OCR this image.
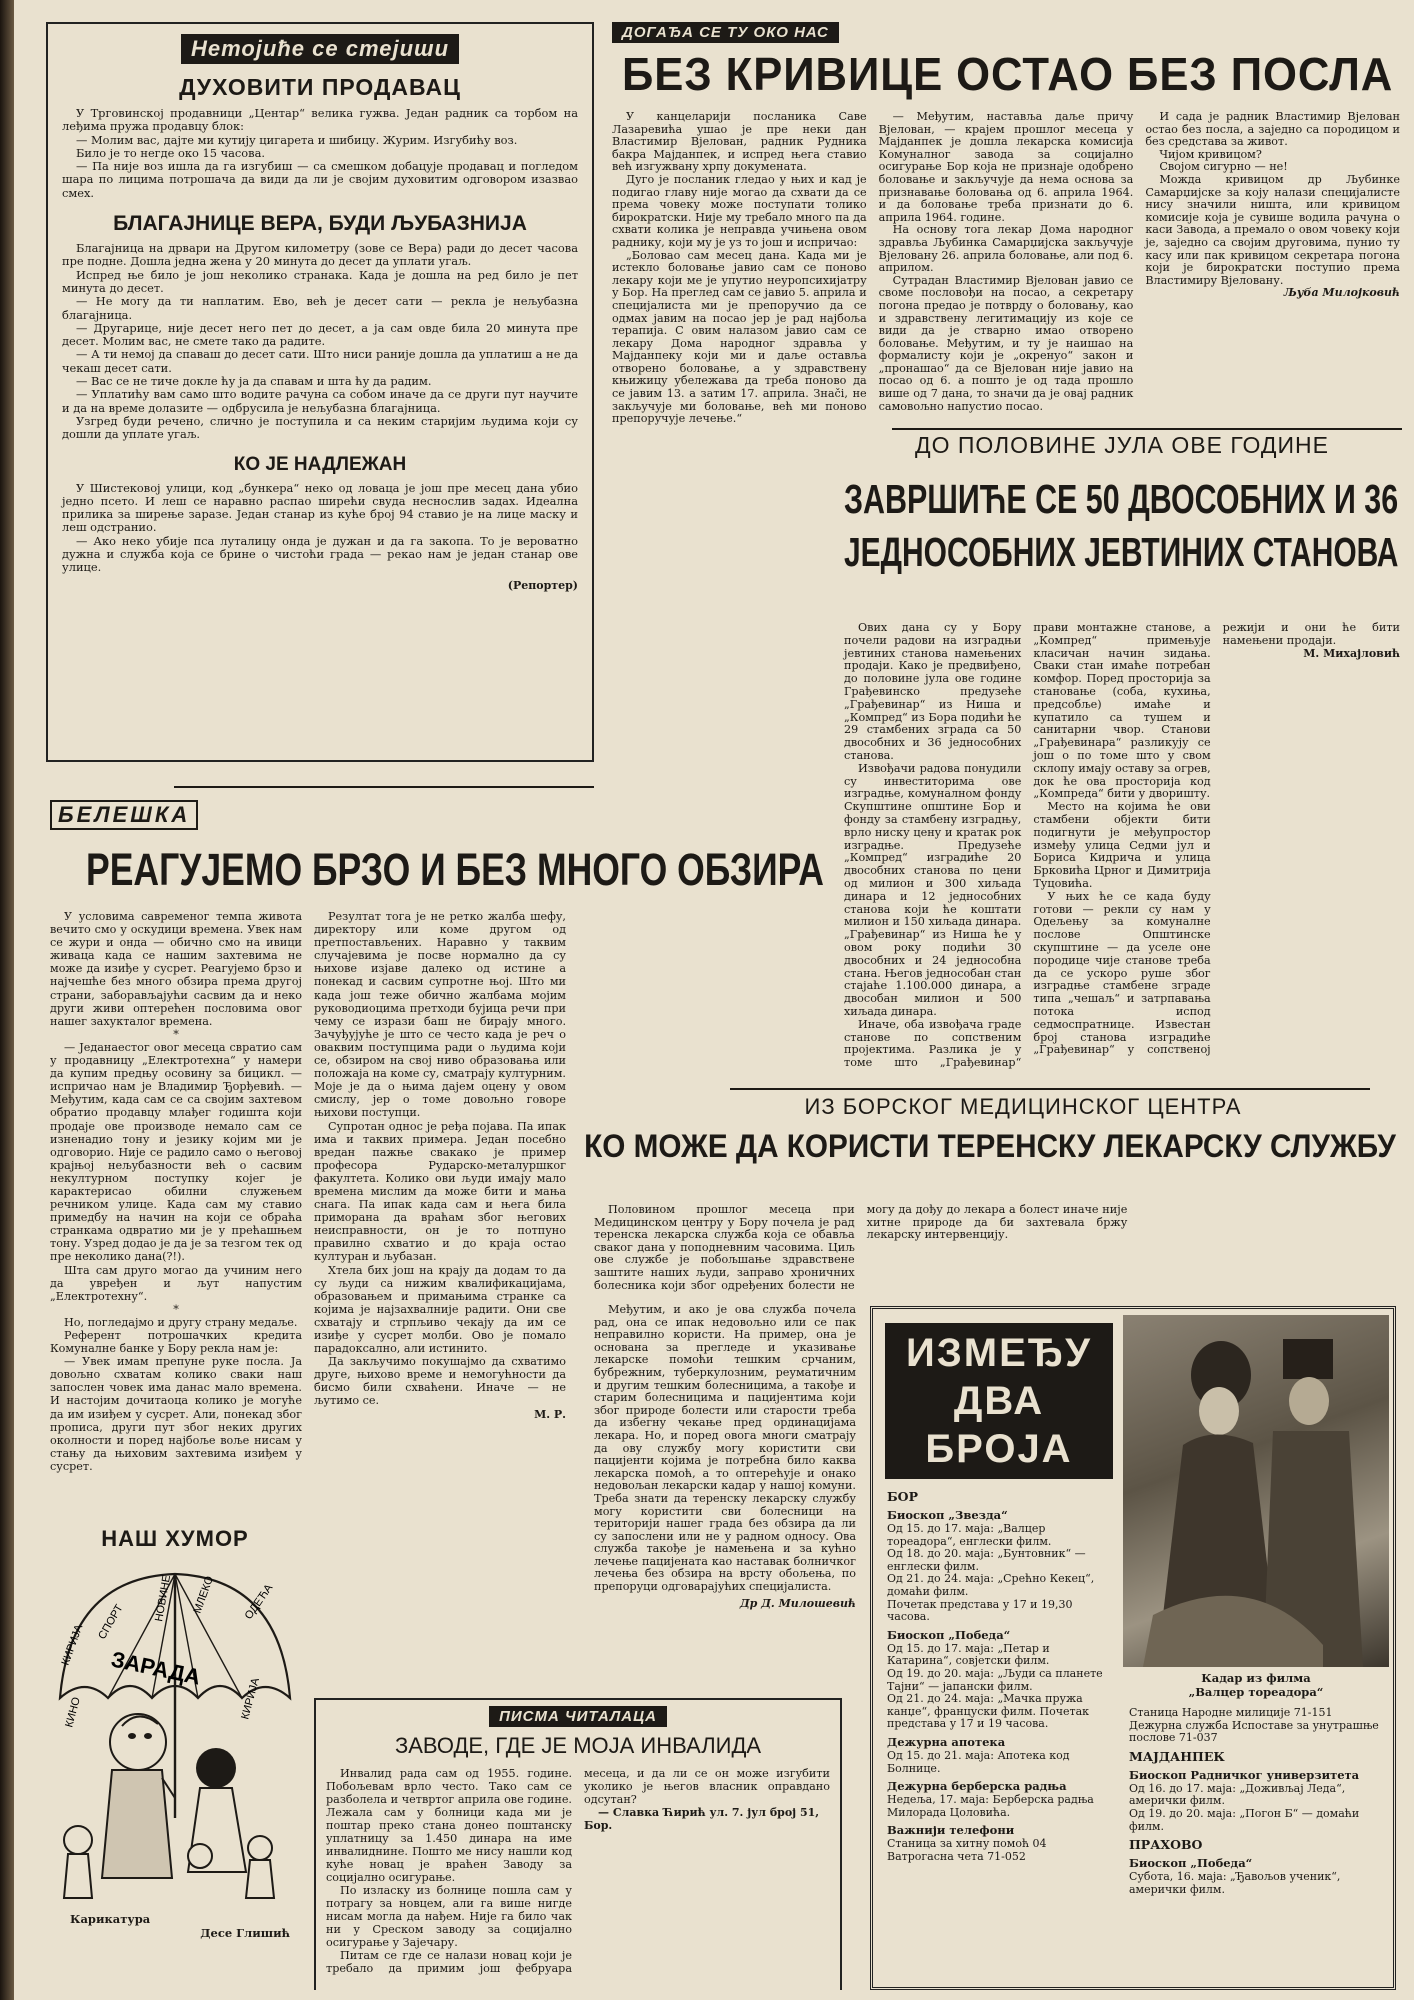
Нетојиће се стејиши
ДУХОВИТИ ПРОДАВАЦ

У Трговинској продавници „Центар“ велика гужва. Један радник са торбом на леђима пружа продавцу блок:

— Молим вас, дајте ми кутију цигарета и шибицу. Журим. Изгубићу воз.

Било је то негде око 15 часова.

— Па није воз ишла да га изгубиш — са смешком добацује продавац и погледом шара по лицима потрошача да види да ли је својим духовитим одговором изазвао смех.

БЛАГАЈНИЦЕ ВЕРА, БУДИ ЉУБАЗНИЈА

Благајница на дрвари на Другом километру (зове се Вера) ради до десет часова пре подне. Дошла једна жена у 20 минута до десет да уплати угаљ.

Испред ње било је још неколико странака. Када је дошла на ред било је пет минута до десет.

— Не могу да ти наплатим. Ево, већ је десет сати — рекла је нељубазна благајница.

— Другарице, није десет него пет до десет, а ја сам овде била 20 минута пре десет. Молим вас, не смете тако да радите.

— А ти немој да спаваш до десет сати. Што ниси раније дошла да уплатиш а не да чекаш десет сати.

— Вас се не тиче докле ћу ја да спавам и шта ћу да радим.

— Уплатићу вам само што водите рачуна са собом иначе да се други пут научите и да на време долазите — одбрусила је нељубазна благајница.

Узгред буди речено, слично је поступила и са неким старијим људима који су дошли да уплате угаљ.

КО ЈЕ НАДЛЕЖАН

У Шистековој улици, код „бункера“ неко од ловаца је још пре месец дана убио једно псето. И леш се наравно распао ширећи свуда неснослив задах. Идеална прилика за ширење заразе. Један станар из куће број 94 ставио је на лице маску и леш одстранио.

— Ако неко убије пса луталицу онда је дужан и да га закопа. То је вероватно дужна и служба која се брине о чистоћи града — рекао нам је један станар ове улице.

(Репортер)
ДОГАЂА СЕ ТУ ОКО НАС
БЕЗ КРИВИЦЕ ОСТАО БЕЗ ПОСЛА

У канцеларији посланика Саве Лазаревића ушао је пре неки дан Властимир Вјелован, радник Рудника бакра Мајданпек, и испред њега ставио већ изгужвану хрпу докумената.

Дуго је посланик гледао у њих и кад је подигао главу није могао да схвати да се према човеку може поступати толико бирократски. Није му требало много па да схвати колика је неправда учињена овом раднику, који му је уз то још и испричао:

„Боловао сам месец дана. Када ми је истекло боловање јавио сам се поново лекару који ме је упутио неуропсихијатру у Бор. На преглед сам се јавио 5. априла и специјалиста ми је препоручио да се одмах јавим на посао јер је рад најбоља терапија. С овим налазом јавио сам се лекару Дома народног здравља у Мајданпеку који ми и даље оставља отворено боловање, а у здравствену књижицу убележава да треба поново да се јавим 13. а затим 17. априла. Знači, не закључује ми боловање, већ ми поново препоручује лечење.“

— Међутим, наставља даље причу Вјелован, — крајем прошлог месеца у Мајданпек је дошла лекарска комисија Комуналног завода за социјално осигурање Бор која не признаје одобрено боловање и закључује да нема основа за признавање боловања од 6. априла 1964. и да боловање треба признати до 6. априла 1964. године.

На основу тога лекар Дома народног здравља Љубинка Самарџијска закључује Вјеловану 26. априла боловање, али под 6. априлом.

Сутрадан Властимир Вјелован јавио се своме пословођи на посао, а секретару погона предао је потврду о боловању, као и здравствену легитимацију из које се види да је стварно имао отворено боловање. Међутим, и ту је наишао на формалисту који је „окренуо“ закон и „пронашао“ да се Вјелован није јавио на посао од 6. а пошто је од тада прошло више од 7 дана, то значи да је овај радник самовољно напустио посао.

И сада је радник Властимир Вјелован остао без посла, а заједно са породицом и без средстава за живот.

Чијом кривицом?

Својом сигурно — не!

Можда кривицом др Љубинке Самарџијске за коју налази специјалисте нису значили ништа, или кривицом комисије која је сувише водила рачуна о каси Завода, а премало о овом човеку који је, заједно са својим друговима, пунио ту касу или пак кривицом секретара погона који је бирократски поступио према Властимиру Вјеловану.

Љуба Милојковић
ДО ПОЛОВИНЕ ЈУЛА ОВЕ ГОДИНЕ
ЗАВРШИЋЕ СЕ 50 ДВОСОБНИХ И 36
ЈЕДНОСОБНИХ ЈЕВТИНИХ СТАНОВА

Ових дана су у Бору почели радови на изградњи јевтиних станова намењених продаји. Како је предвиђено, до половине јула ове године Грађевинско предузеће „Грађевинар“ из Ниша и „Компред“ из Бора подићи ће 29 стамбених зграда са 50 двособних и 36 једнособних станова.

Извођачи радова понудили су инвеститорима ове изградње, комуналном фонду Скупштине општине Бор и фонду за стамбену изградњу, врло ниску цену и кратак рок изградње. Предузеће „Компред“ изградиће 20 двособних станова по цени од милион и 300 хиљада динара и 12 једнособних станова који ће коштати милион и 150 хиљада динара. „Грађевинар“ из Ниша ће у овом року подићи 30 двособних и 24 једнособна стана. Његов једнособан стан стајаће 1.100.000 динара, а двособан милион и 500 хиљада динара.

Иначе, оба извођача граде станове по сопственим пројектима. Разлика је у томе што „Грађевинар“ прави монтажне станове, а „Компред“ примењује класичан начин зидања. Сваки стан имаће потребан комфор. Поред просторија за становање (соба, кухиња, предсобље) имаће и купатило са тушем и санитарни чвор. Станови „Грађевинара“ разликују се још о по томе што у свом склопу имају оставу за огрев, док ће ова просторија код „Компреда“ бити у дворишту.

Место на којима ће ови стамбени објекти бити подигнути је међупростор између улица Седми јул и Бориса Кидрича и улица Брковића Црног и Димитрија Туцовића.

У њих ће се када буду готови — рекли су нам у Одељењу за комуналне послове Општинске скупштине — да уселе оне породице чије станове треба да се ускоро руше због изградње стамбене зграде типа „чешаљ“ и затрпавања потока испод седмоспратнице. Известан број станова изградиће „Грађевинар“ у сопственој режији и они ће бити намењени продаји.

М. Михајловић
БЕЛЕШКА
РЕАГУЈЕМО БРЗО И БЕЗ МНОГО ОБЗИРА

У условима савременог темпа живота вечито смо у оскудици времена. Увек нам се жури и онда — обично смо на ивици живаца када се нашим захтевима не може да изиђе у сусрет. Реагујемо брзо и најчешће без много обзира према другој страни, заборављајући сасвим да и неко други живи оптерећен пословима овог нашег захукталог времена.

*

— Једанаестог овог месеца свратио сам у продавницу „Електротехна“ у намери да купим предњу осовину за бицикл. — испричао нам је Владимир Ђорђевић. — Међутим, када сам се са својим захтевом обратио продавцу млађег годиштa који продаје ове производе немало сам се изненадио тону и језику којим ми је одговорио. Није се радило само о његовој крајњој нељубазности већ о сасвим некултурном поступку којег је карактерисао обилни служењем речником улице. Када сам му ставио примедбу на начин на који се обраћа странкама одвратио ми је у прећашњем тону. Узред додао је да је за тезгом тек од пре неколико дана(?!).

Шта сам друго могао да учиним него да увређен и љут напустим „Електротехну“.

*

Но, погледајмо и другу страну медаље.

Референт потрошачких кредита Комуналне банке у Бору рекла нам је:

— Увек имам препуне руке посла. Ја довољно схватам колико сваки наш запослен човек има данас мало времена. И настојим дочитаоца колико је могуће да им изиђем у сусрет. Али, понекад због прописа, други пут због неких других околности и поред најбоље воље нисам у стању да њиховим захтевима изиђем у сусрет.

Резултат тога је не ретко жалба шефу, директору или коме другом од претпостављених. Наравно у таквим случајевима је посве нормално да су њихове изјаве далеко од истине а понекад и сасвим супротне њој. Што ми када још теже обично жалбама мојим руководиоцима претходи бујица речи при чему се изрази баш не бирају много. Зачуђујуће је што се често када је реч о оваквим поступцима ради о људима који се, обзиром на свој ниво образовања или положаја на коме су, сматрају културним. Моје је да о њима дајем оцену у овом смислу, јер о томе довољно говоре њихови поступци.

Супротан однос је ређа појава. Па ипак има и таквих примера. Један посебно вредан пажње свакако је пример професора Рударско-металуршког факултета. Колико ови људи имају мало времена мислим да може бити и мања снага. Па ипак када сам и њега била приморана да враћам због његових неисправности, он је то потпуно правилно схватио и до краја остао културан и љубазан.

Хтела бих још на крају да додам то да су људи са нижим квалификацијама, образовањем и примањима странке са којима је најзахвалније радити. Они све схватају и стрпљиво чекају да им се изиђе у сусрет молби. Ово је помало парадоксално, али истинито.

Да закључимо покушајмо да схватимо друге, њихово време и немогућности да бисмо били схваћени. Иначе — не љутимо се.

М. Р.
НАШ ХУМОР
КИРИЈА
СПОРТ	НОВИНЕ МЛЕКО ОДЕЋА
КИНО
ЗАРАДА
КИРИЈА
Карикатура
Десе Глишић
ПИСМА ЧИТАЛАЦА
ЗАВОДЕ, ГДЕ ЈЕ МОЈА ИНВАЛИДА

Инвалид рада сам од 1955. године. Побољевам врло често. Тако сам се разболела и четвртог априла ове године. Лежала сам у болници када ми је поштар преко стана донео поштанску уплатницу за 1.450 динара на име инвалиднине. Пошто ме нису нашли код куће новац је враћен Заводу за социјално осигурање.

По изласку из болнице пошла сам у потрагу за новцем, али га више нигде нисам могла да нађем. Није га било чак ни у Среском заводу за социјално осигурање у Зајечару.

Питам се где се налази новац који је требало да примим још фебруара месеца, и да ли се он може изгубити уколико је његов власник оправдано одсутан?

— Славка Ћирић ул. 7. јул број 51, Бор.

ИЗ БОРСКОГ МЕДИЦИНСКОГ ЦЕНТРА
КО МОЖЕ ДА КОРИСТИ ТЕРЕНСКУ ЛЕКАРСКУ СЛУЖБУ

Половином прошлог месеца при Медицинском центру у Бору почела је рад теренска лекарска служба која се обавља сваког дана у поподневним часовима. Циљ ове службе је побољшање здравствене заштите наших људи, заправо хроничних болесника који због одређених болести не могу да дођу до лекара а болест иначе није хитне природе да би захтевала бржу лекарску интервенцију.

Међутим, и ако је ова служба почела рад, она се ипак недовољно или се пак неправилно користи. На пример, она је основана за прегледе и указивање лекарске помоћи тешким срчаним, бубрежним, туберкулозним, реуматичним и другим тешким болесницима, а такође и старим болесницима и пацијентима који због природе болести или старости треба да избегну чекање пред ординацијама лекара. Но, и поред овога многи сматрају да ову службу могу користити сви пацијенти којима је потребна било каква лекарска помоћ, а то оптерећује и онако недовољан лекарски кадар у нашој комуни. Треба знати да теренску лекарску службу могу користити сви болесници на територији нашег града без обзира да ли су запослени или не у радном односу. Ова служба такође је намењена и за кућно лечење пацијената као наставак болничког лечења без обзира на врсту обољења, по препоруци одговарајућих специјалиста.

Др Д. Милошевић
ИЗМЕЂУ
ДВА
БРОЈА
Кадар из филма
„Валцер тореадора“
БОР
Биоскоп „Звезда“

Од 15. до 17. маја: „Валцер тореадора“, енглески филм.

Од 18. до 20. маја: „Бунтовник“ — енглески филм.

Од 21. до 24. маја: „Срећно Кекец“, домаћи филм.

Почетак представа у 17 и 19,30 часова.

Биоскоп „Победа“

Од 15. до 17. маја: „Петар и Катарина“, совјетски филм.

Од 19. до 20. маја: „Људи са планете Тајни“ — јапански филм.

Од 21. до 24. маја: „Мачка пружа канџе“, француски филм. Почетак представа у 17 и 19 часова.

Дежурна апотека

Од 15. до 21. маја: Апотека код Болнице.

Дежурна берберска радња

Недеља, 17. маја: Берберска радња Милорада Цоловића.

Важнији телефони

Станица за хитну помоћ 04

Ватрогасна чета 71-052

Станица Народне милиције 71-151

Дежурна служба Испоставе за унутрашње послове 71-037

МАЈДАНПЕК
Биоскоп Радничког универзитета

Од 16. до 17. маја: „Доживљај Леда“, амерички филм.

Од 19. до 20. маја: „Погон Б“ — домаћи филм.

ПРАХОВО
Биоскоп „Победа“

Субота, 16. маја: „Ђавољов ученик“, амерички филм.
